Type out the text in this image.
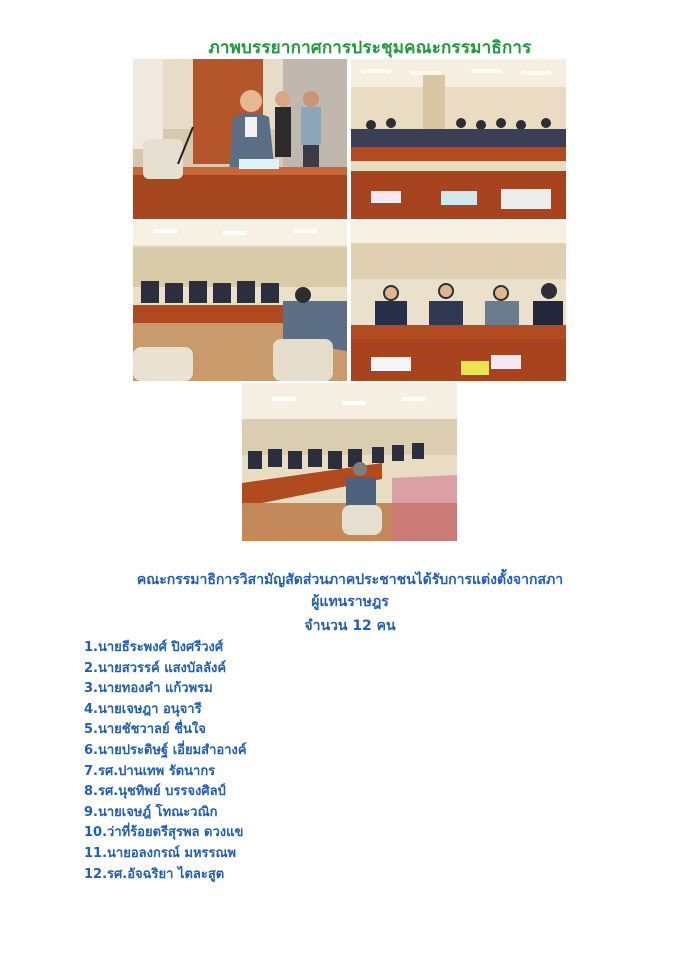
ภาพบรรยากาศการประชุมคณะกรรมาธิการ
คณะกรรมาธิการวิสามัญสัดส่วนภาคประชาชนได้รับการแต่งตั้งจากสภา
ผู้แทนราษฎร
จำนวน 12 คน
1.นายธีระพงศ์ ปิงศรีวงศ์
2.นายสวรรค์ แสงบัลลังค์
3.นายทองคำ แก้วพรม
4.นายเจษฎา อนุจารี
5.นายชัชวาลย์ ชื่นใจ
6.นายประดิษฐ์ เอี่ยมสำอางค์
7.รศ.ปานเทพ รัตนากร
8.รศ.นุชทิพย์ บรรจงศิลป์
9.นายเจษฎ์ โทณะวณิก
10.ว่าที่ร้อยตรีสุรพล ดวงแข
11.นายอลงกรณ์ มหรรณพ
12.รศ.อัจฉริยา ไตละสูต
